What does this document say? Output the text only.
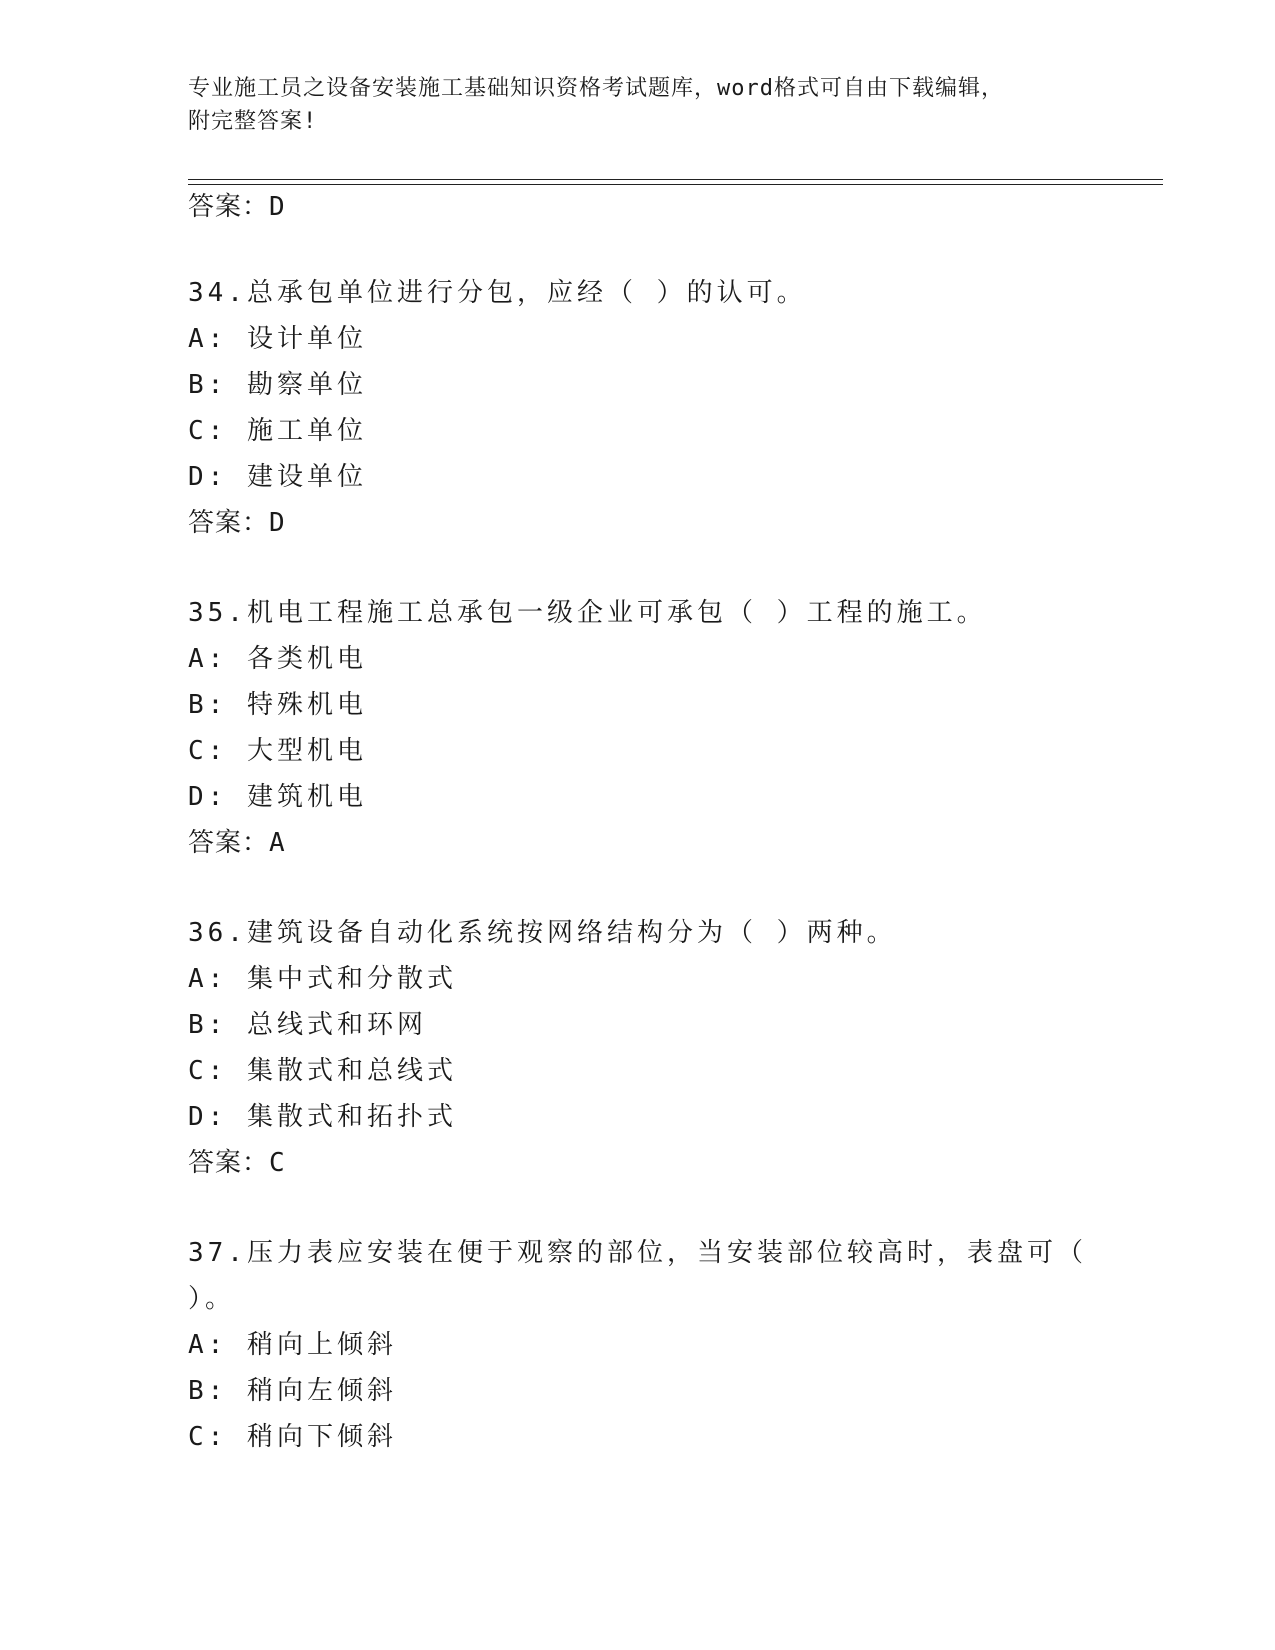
专业施工员之设备安装施工基础知识资格考试题库，word格式可自由下载编辑，
附完整答案!
答案：D
34.总承包单位进行分包，应经（ ）的认可。
A: 设计单位
B: 勘察单位
C: 施工单位
D: 建设单位
答案：D
35.机电工程施工总承包一级企业可承包（ ）工程的施工。
A: 各类机电
B: 特殊机电
C: 大型机电
D: 建筑机电
答案：A
36.建筑设备自动化系统按网络结构分为（ ）两种。
A: 集中式和分散式
B: 总线式和环网
C: 集散式和总线式
D: 集散式和拓扑式
答案：C
37.压力表应安装在便于观察的部位，当安装部位较高时，表盘可（
）。
A: 稍向上倾斜
B: 稍向左倾斜
C: 稍向下倾斜
